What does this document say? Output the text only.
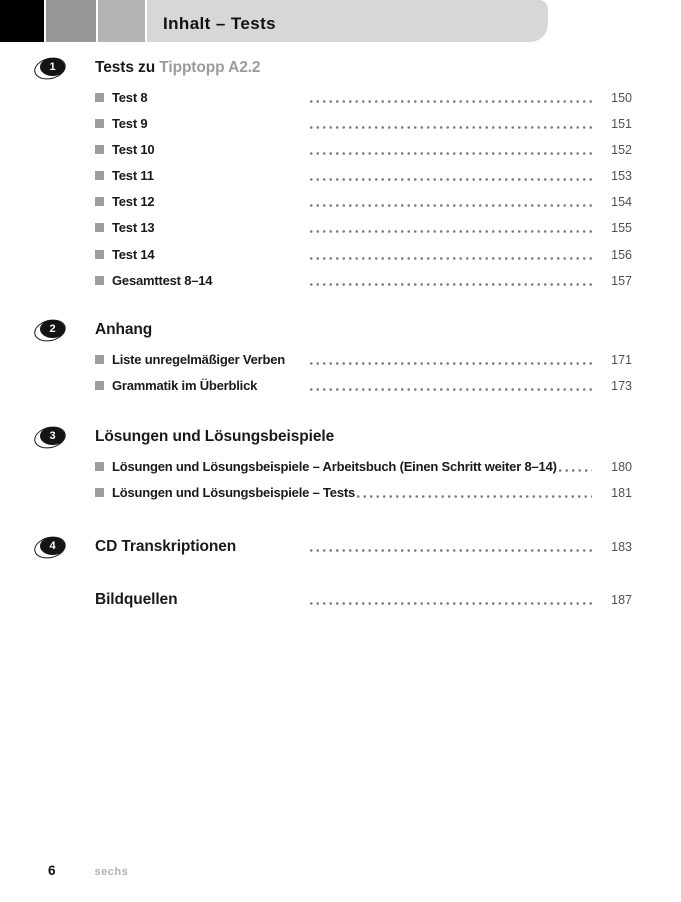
Inhalt – Tests
1	Tests zu Tipptopp A2.2
Test 8	150
Test 9	151
Test 10	152
Test 11	153
Test 12	154
Test 13	155
Test 14	156
Gesamttest 8–14	157
2	Anhang
Liste unregelmäßiger Verben	171
Grammatik im Überblick	173
3	Lösungen und Lösungsbeispiele
Lösungen und Lösungsbeispiele – Arbeitsbuch (Einen Schritt weiter 8–14)	180
Lösungen und Lösungsbeispiele – Tests	181
4	CD Transkriptionen	183
Bildquellen	187
6	sechs
